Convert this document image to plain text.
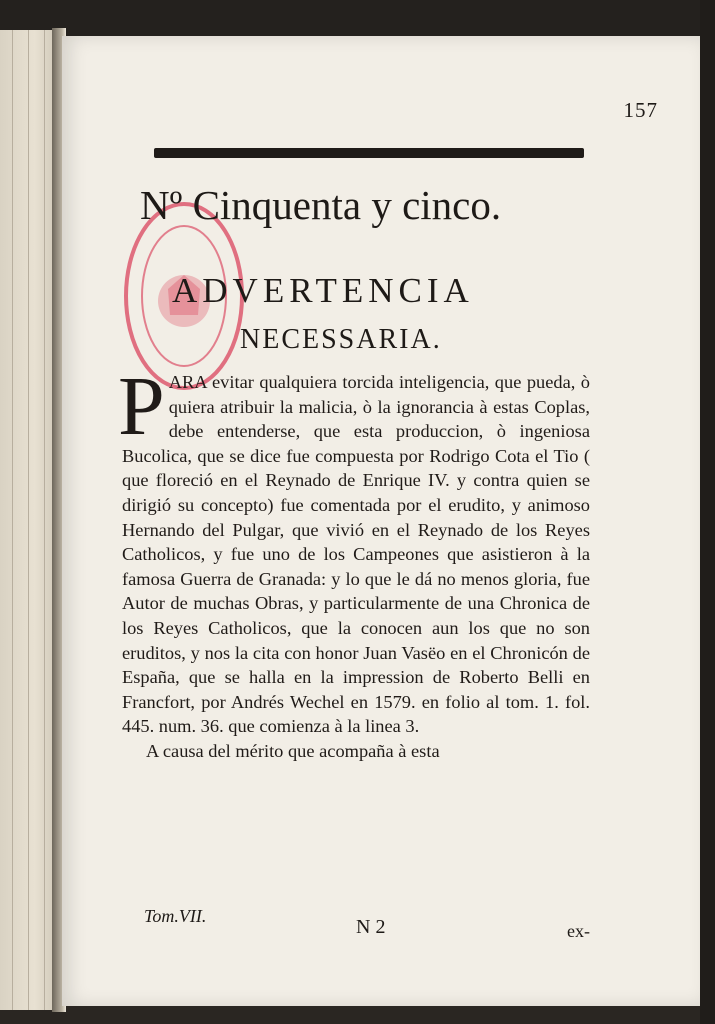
157
Nº Cinquenta y cinco.
ADVERTENCIA
NECESSARIA.

P ARA evitar qualquiera torcida inteligencia, que pueda, ò quiera atribuir la malicia, ò la ignorancia à estas Coplas, debe entenderse, que esta produccion, ò ingeniosa Bucolica, que se dice fue compuesta por Rodrigo Cota el Tio ( que floreció en el Reynado de Enrique IV. y contra quien se dirigió su concepto) fue comentada por el erudito, y animoso Hernando del Pulgar, que vivió en el Reynado de los Reyes Catholicos, y fue uno de los Campeones que asistieron à la famosa Guerra de Granada: y lo que le dá no menos gloria, fue Autor de muchas Obras, y particularmente de una Chronica de los Reyes Catholicos, que la conocen aun los que no son eruditos, y nos la cita con honor Juan Vasëo en el Chronicón de España, que se halla en la impression de Roberto Belli en Francfort, por Andrés Wechel en 1579. en folio al tom. 1. fol. 445. num. 36. que comienza à la linea 3.

A causa del mérito que acompaña à esta

Tom.VII.	N 2	ex-
